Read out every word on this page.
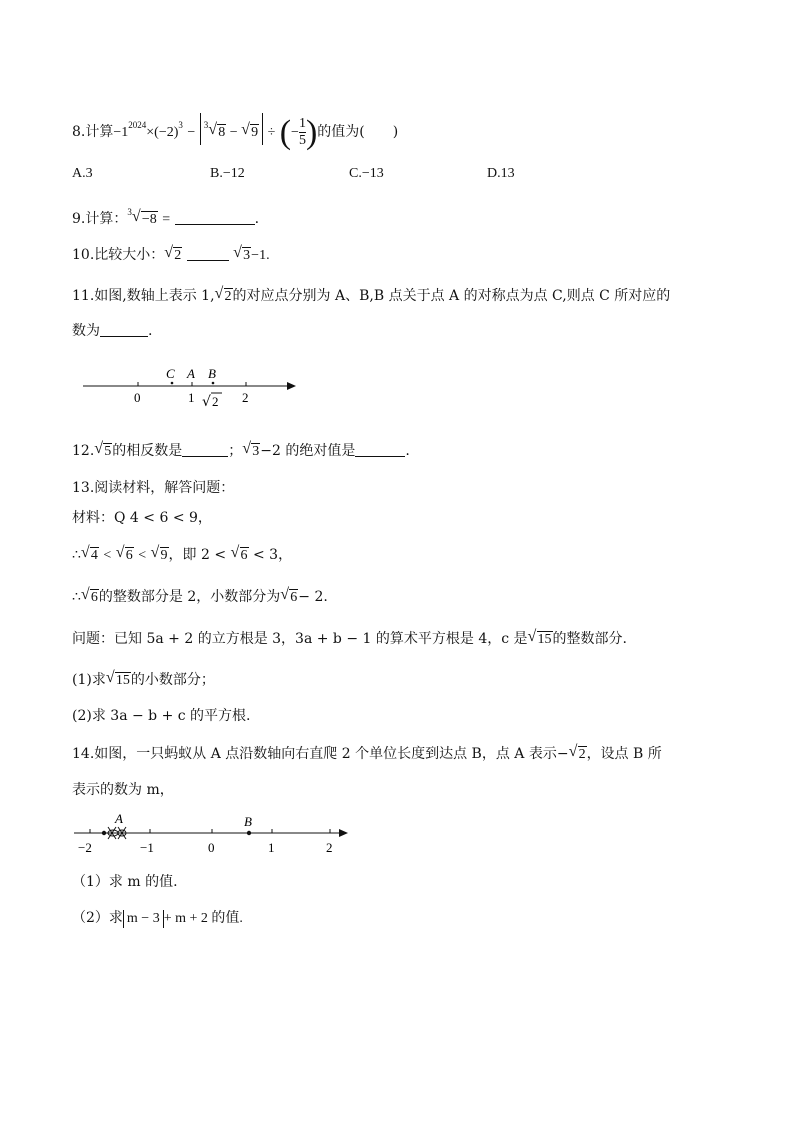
8.计算$-1^{2024}\times(-2)^3 - ^3$ √ 8 − √ 9 ÷ (− $\frac{1}{5}$ )的值为(　　)
A.3	B.−12	C.−13	D.13
9.计算：$^3$ √ −8 =	.
10.比较大小： √ 2	√ 3−1.
11.如图,数轴上表示 1, √ 2的对应点分别为 A、B,B 点关于点 A 的对称点为点 C,则点 C 所对应的
数为	.
C A B
0	1	2
√ 2
12. √ 5的相反数是	； √ 3−2 的绝对值是	.
13.阅读材料，解答问题：
材料：Q 4 < 6 < 9，
∴ √ 4 < √ 6 < √ 9，即 2 < √ 6 < 3，
∴ √ 6的整数部分是 2，小数部分为 √ 6− 2.
问题：已知 5a + 2 的立方根是 3，3a + b − 1 的算术平方根是 4，c 是 √ 15的整数部分.
(1)求 √ 15的小数部分；
(2)求 3a − b + c 的平方根.
14.如图，一只蚂蚁从 A 点沿数轴向右直爬 2 个单位长度到达点 B，点 A 表示− √ 2，设点 B 所
表示的数为 m，
A	B
−2	−1	0	1	2
（1）求 m 的值.
（2）求 m − 3 + m + 2 的值.
